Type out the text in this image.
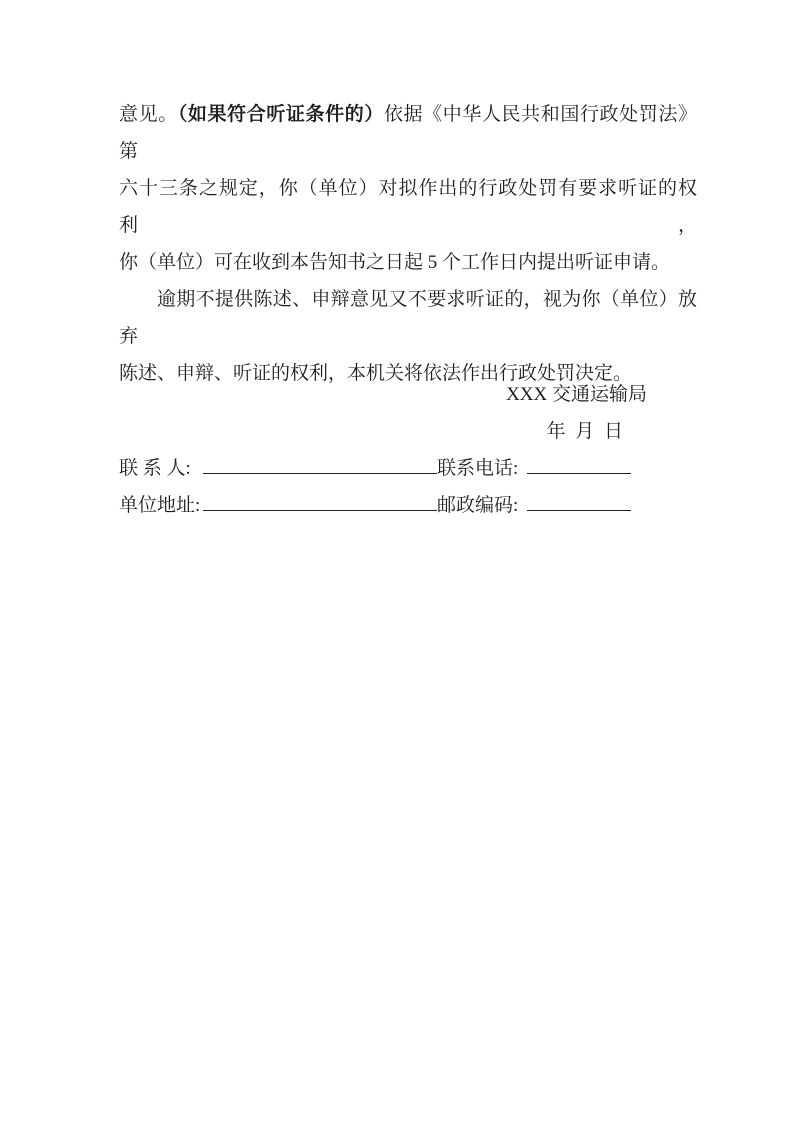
意见。（如果符合听证条件的）依据《中华人民共和国行政处罚法》第
六十三条之规定，你（单位）对拟作出的行政处罚有要求听证的权利，
你（单位）可在收到本告知书之日起 5 个工作日内提出听证申请。
逾期不提供陈述、申辩意见又不要求听证的，视为你（单位）放弃
陈述、申辩、听证的权利，本机关将依法作出行政处罚决定。
XXX 交通运输局
年 月 日
联 系 人:	联系电话:
单位地址:	邮政编码:
